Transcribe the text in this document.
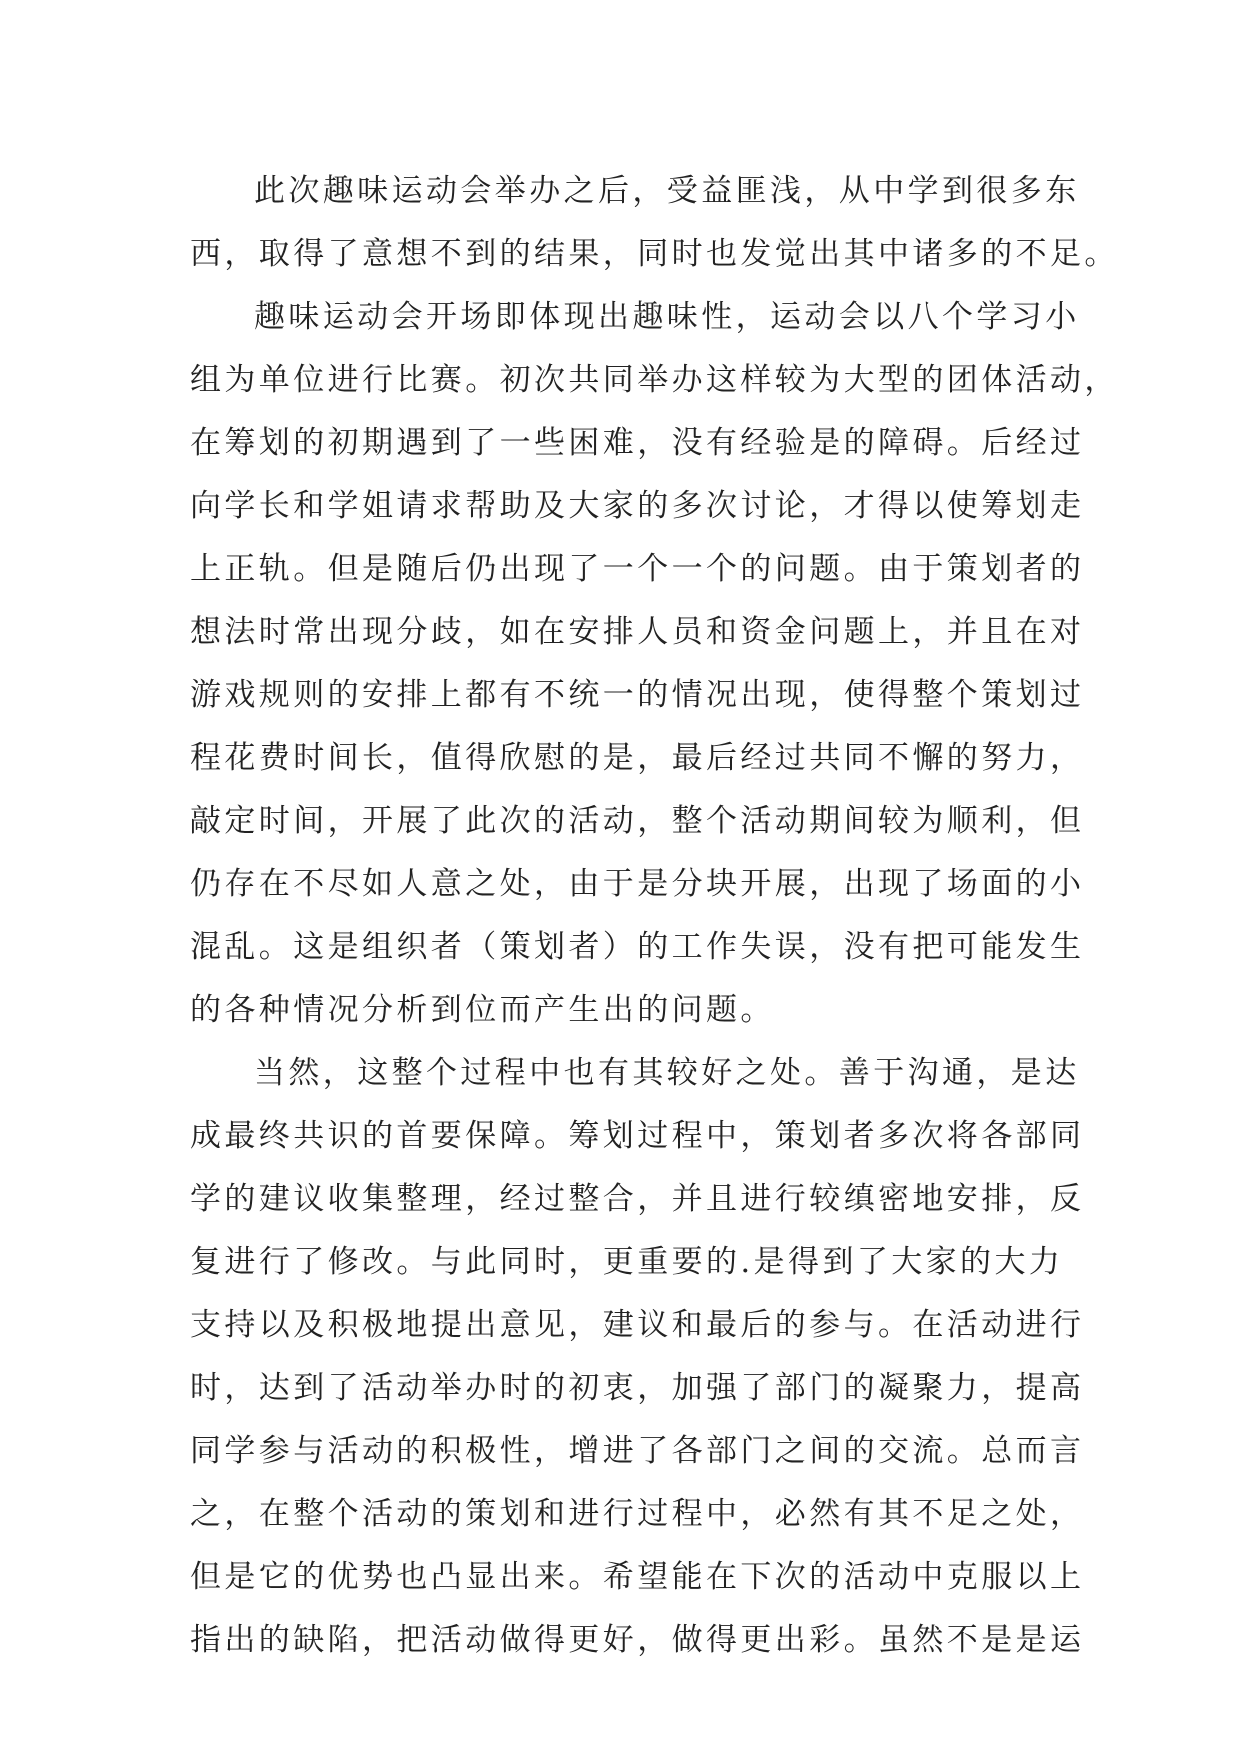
此次趣味运动会举办之后，受益匪浅，从中学到很多东
西，取得了意想不到的结果，同时也发觉出其中诸多的不足。
趣味运动会开场即体现出趣味性，运动会以八个学习小
组为单位进行比赛。初次共同举办这样较为大型的团体活动，
在筹划的初期遇到了一些困难，没有经验是的障碍。后经过
向学长和学姐请求帮助及大家的多次讨论，才得以使筹划走
上正轨。但是随后仍出现了一个一个的问题。由于策划者的
想法时常出现分歧，如在安排人员和资金问题上，并且在对
游戏规则的安排上都有不统一的情况出现，使得整个策划过
程花费时间长，值得欣慰的是，最后经过共同不懈的努力，
敲定时间，开展了此次的活动，整个活动期间较为顺利，但
仍存在不尽如人意之处，由于是分块开展，出现了场面的小
混乱。这是组织者（策划者）的工作失误，没有把可能发生
的各种情况分析到位而产生出的问题。
当然，这整个过程中也有其较好之处。善于沟通，是达
成最终共识的首要保障。筹划过程中，策划者多次将各部同
学的建议收集整理，经过整合，并且进行较缜密地安排，反
复进行了修改。与此同时，更重要的.是得到了大家的大力
支持以及积极地提出意见，建议和最后的参与。在活动进行
时，达到了活动举办时的初衷，加强了部门的凝聚力，提高
同学参与活动的积极性，增进了各部门之间的交流。总而言
之，在整个活动的策划和进行过程中，必然有其不足之处，
但是它的优势也凸显出来。希望能在下次的活动中克服以上
指出的缺陷，把活动做得更好，做得更出彩。虽然不是是运
